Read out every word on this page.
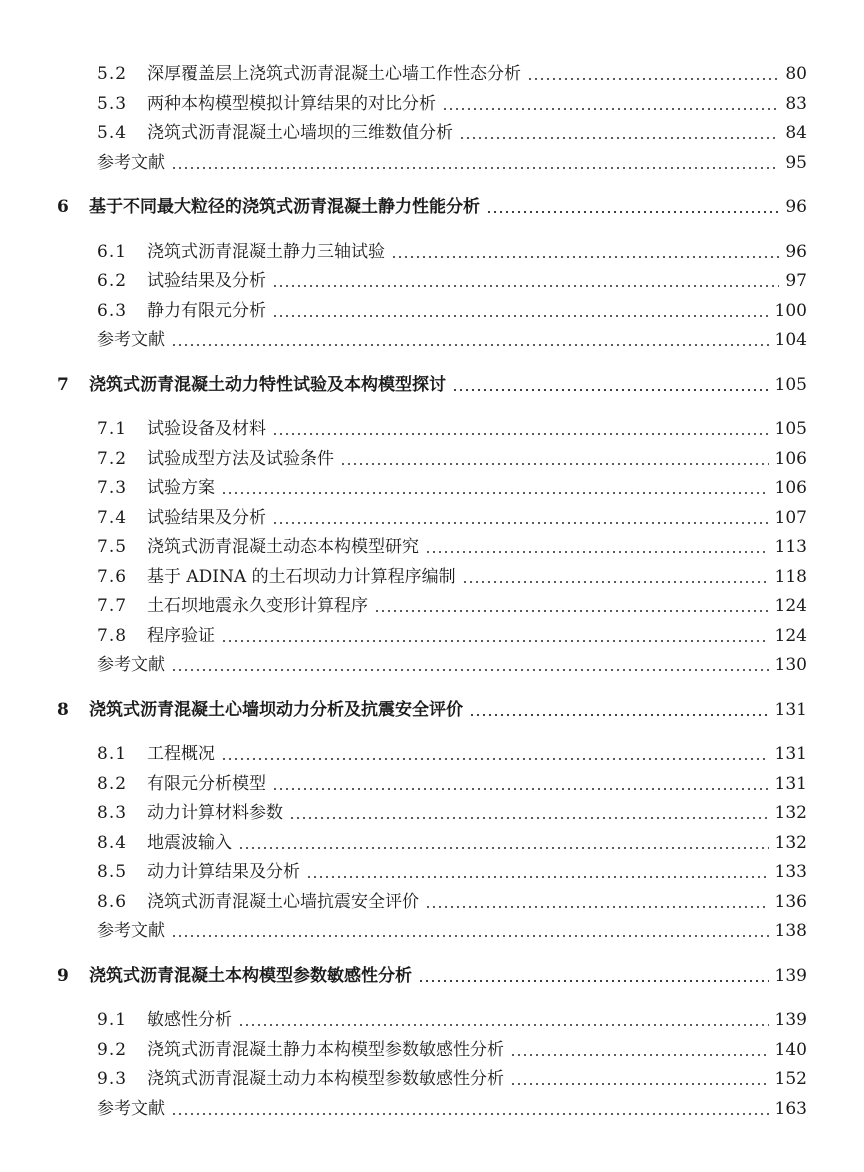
5.2	深厚覆盖层上浇筑式沥青混凝土心墙工作性态分析	80
5.3	两种本构模型模拟计算结果的对比分析	83
5.4	浇筑式沥青混凝土心墙坝的三维数值分析	84
参考文献	95
6	基于不同最大粒径的浇筑式沥青混凝土静力性能分析	96
6.1	浇筑式沥青混凝土静力三轴试验	96
6.2	试验结果及分析	97
6.3	静力有限元分析	100
参考文献	104
7	浇筑式沥青混凝土动力特性试验及本构模型探讨	105
7.1	试验设备及材料	105
7.2	试验成型方法及试验条件	106
7.3	试验方案	106
7.4	试验结果及分析	107
7.5	浇筑式沥青混凝土动态本构模型研究	113
7.6	基于 ADINA 的土石坝动力计算程序编制	118
7.7	土石坝地震永久变形计算程序	124
7.8	程序验证	124
参考文献	130
8	浇筑式沥青混凝土心墙坝动力分析及抗震安全评价	131
8.1	工程概况	131
8.2	有限元分析模型	131
8.3	动力计算材料参数	132
8.4	地震波输入	132
8.5	动力计算结果及分析	133
8.6	浇筑式沥青混凝土心墙抗震安全评价	136
参考文献	138
9	浇筑式沥青混凝土本构模型参数敏感性分析	139
9.1	敏感性分析	139
9.2	浇筑式沥青混凝土静力本构模型参数敏感性分析	140
9.3	浇筑式沥青混凝土动力本构模型参数敏感性分析	152
参考文献	163
